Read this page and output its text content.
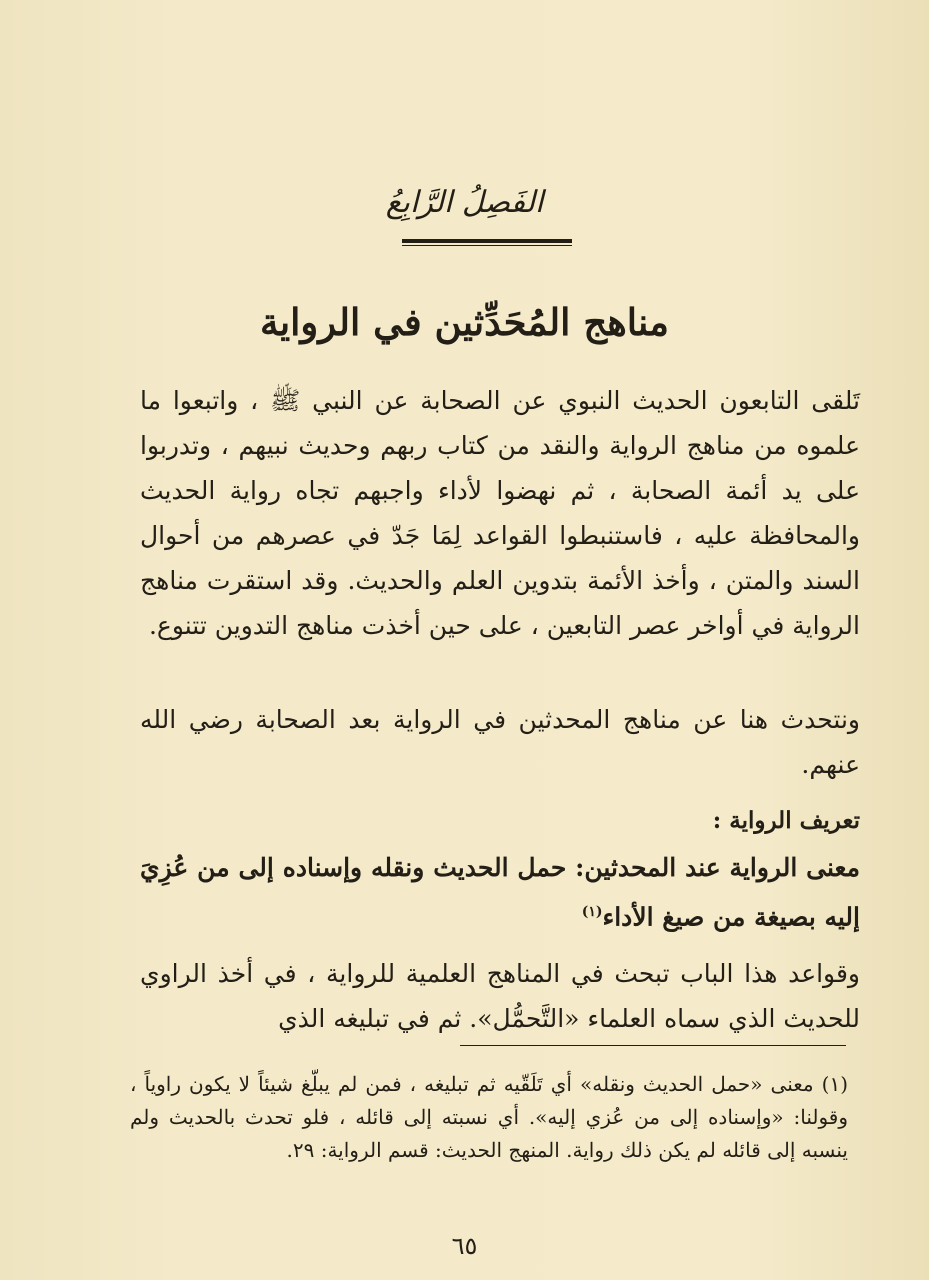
الفَصِلُ الرَّابِعُ
مناهج المُحَدِّثين في الرواية
تَلقى التابعون الحديث النبوي عن الصحابة عن النبي ﷺ ، واتبعوا ما علموه من مناهج الرواية والنقد من كتاب ربهم وحديث نبيهم ، وتدربوا على يد أئمة الصحابة ، ثم نهضوا لأداء واجبهم تجاه رواية الحديث والمحافظة عليه ، فاستنبطوا القواعد لِمَا جَدّ في عصرهم من أحوال السند والمتن ، وأخذ الأئمة بتدوين العلم والحديث. وقد استقرت مناهج الرواية في أواخر عصر التابعين ، على حين أخذت مناهج التدوين تتنوع.
ونتحدث هنا عن مناهج المحدثين في الرواية بعد الصحابة رضي الله عنهم.
تعريف الرواية :
معنى الرواية عند المحدثين: حمل الحديث ونقله وإسناده إلى من عُزِيَ إليه بصيغة من صيغ الأداء$^{(١)}$
وقواعد هذا الباب تبحث في المناهج العلمية للرواية ، في أخذ الراوي للحديث الذي سماه العلماء «التَّحمُّل». ثم في تبليغه الذي
(١) معنى «حمل الحديث ونقله» أي تَلَقّيه ثم تبليغه ، فمن لم يبلّغ شيئاً لا يكون راوياً ، وقولنا: «وإسناده إلى من عُزي إليه». أي نسبته إلى قائله ، فلو تحدث بالحديث ولم ينسبه إلى قائله لم يكن ذلك رواية. المنهج الحديث: قسم الرواية: ٢٩.
٦٥
